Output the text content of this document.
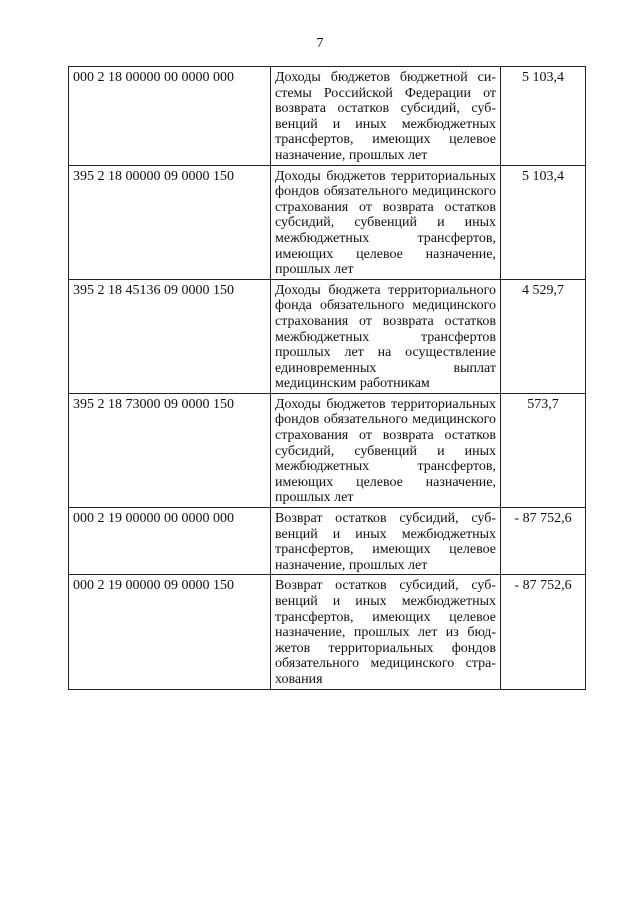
7
000 2 18 00000 00 0000 000	Доходы бюджетов бюджетной системы Российской Федерации от возврата остатков субсидий, субвенций и иных межбюджетных трансфертов, имеющих целевое назначение, прошлых лет	5 103,4
395 2 18 00000 09 0000 150	Доходы бюджетов территориальных фондов обязательного медицинского страхования от возврата остатков субсидий, субвенций и иных межбюджетных трансфертов, имеющих целевое назначение, прошлых лет	5 103,4
395 2 18 45136 09 0000 150	Доходы бюджета территориального фонда обязательного медицинского страхования от возврата остатков межбюджетных трансфертов прошлых лет на осуществление единовременных выплат медицинским работникам	4 529,7
395 2 18 73000 09 0000 150	Доходы бюджетов территориальных фондов обязательного медицинского страхования от возврата остатков субсидий, субвенций и иных межбюджетных трансфертов, имеющих целевое назначение, прошлых лет	573,7
000 2 19 00000 00 0000 000	Возврат остатков субсидий, субвенций и иных межбюджетных трансфертов, имеющих целевое назначение, прошлых лет	- 87 752,6
000 2 19 00000 09 0000 150	Возврат остатков субсидий, субвенций и иных межбюджетных трансфертов, имеющих целевое назначение, прошлых лет из бюджетов территориальных фондов обязательного медицинского страхования	- 87 752,6
